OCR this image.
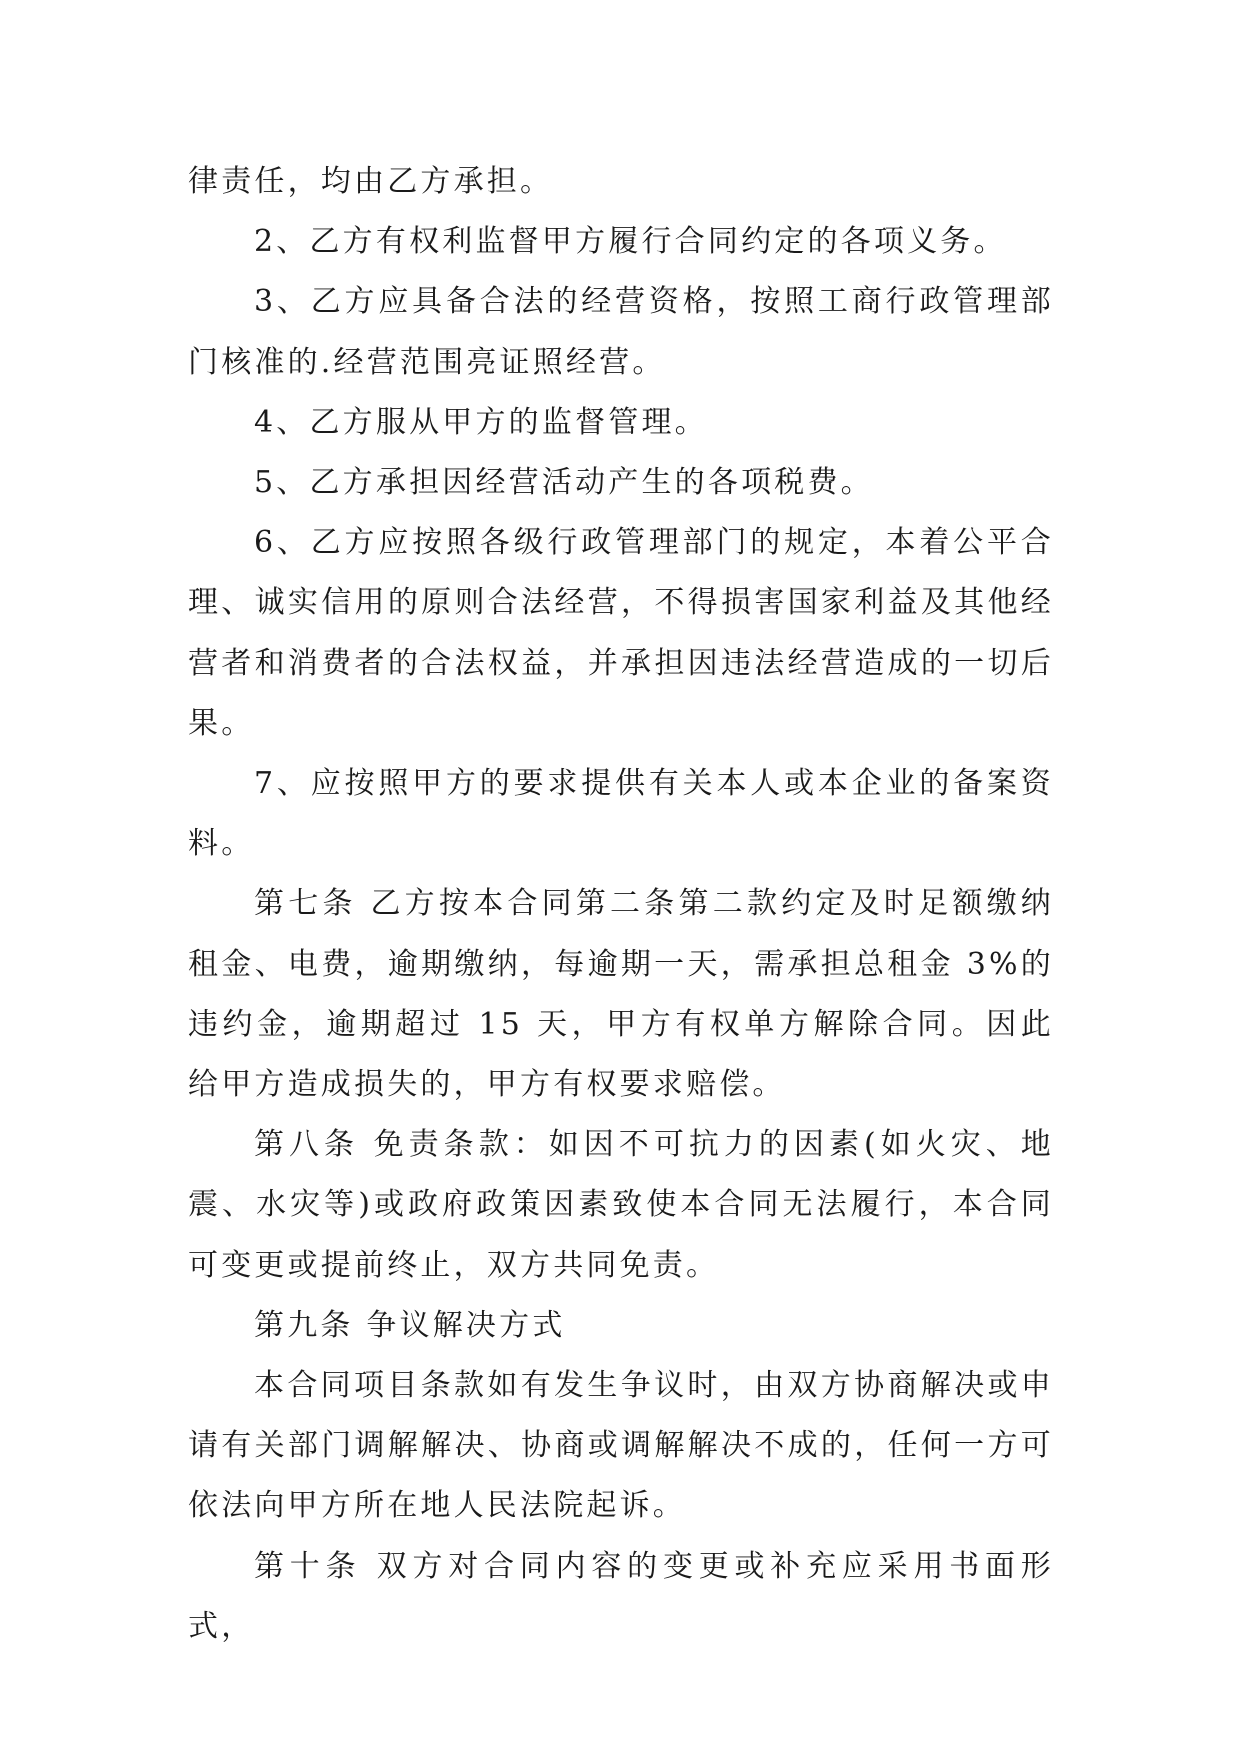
律责任，均由乙方承担。

2、乙方有权利监督甲方履行合同约定的各项义务。

3、乙方应具备合法的经营资格，按照工商行政管理部门核准的.经营范围亮证照经营。

4、乙方服从甲方的监督管理。

5、乙方承担因经营活动产生的各项税费。

6、乙方应按照各级行政管理部门的规定，本着公平合理、诚实信用的原则合法经营，不得损害国家利益及其他经营者和消费者的合法权益，并承担因违法经营造成的一切后果。

7、应按照甲方的要求提供有关本人或本企业的备案资料。

第七条 乙方按本合同第二条第二款约定及时足额缴纳租金、电费，逾期缴纳，每逾期一天，需承担总租金 3%的违约金，逾期超过 15 天，甲方有权单方解除合同。因此给甲方造成损失的，甲方有权要求赔偿。

第八条 免责条款：如因不可抗力的因素(如火灾、地震、水灾等)或政府政策因素致使本合同无法履行，本合同可变更或提前终止，双方共同免责。

第九条 争议解决方式

本合同项目条款如有发生争议时，由双方协商解决或申请有关部门调解解决、协商或调解解决不成的，任何一方可依法向甲方所在地人民法院起诉。

第十条 双方对合同内容的变更或补充应采用书面形式，
